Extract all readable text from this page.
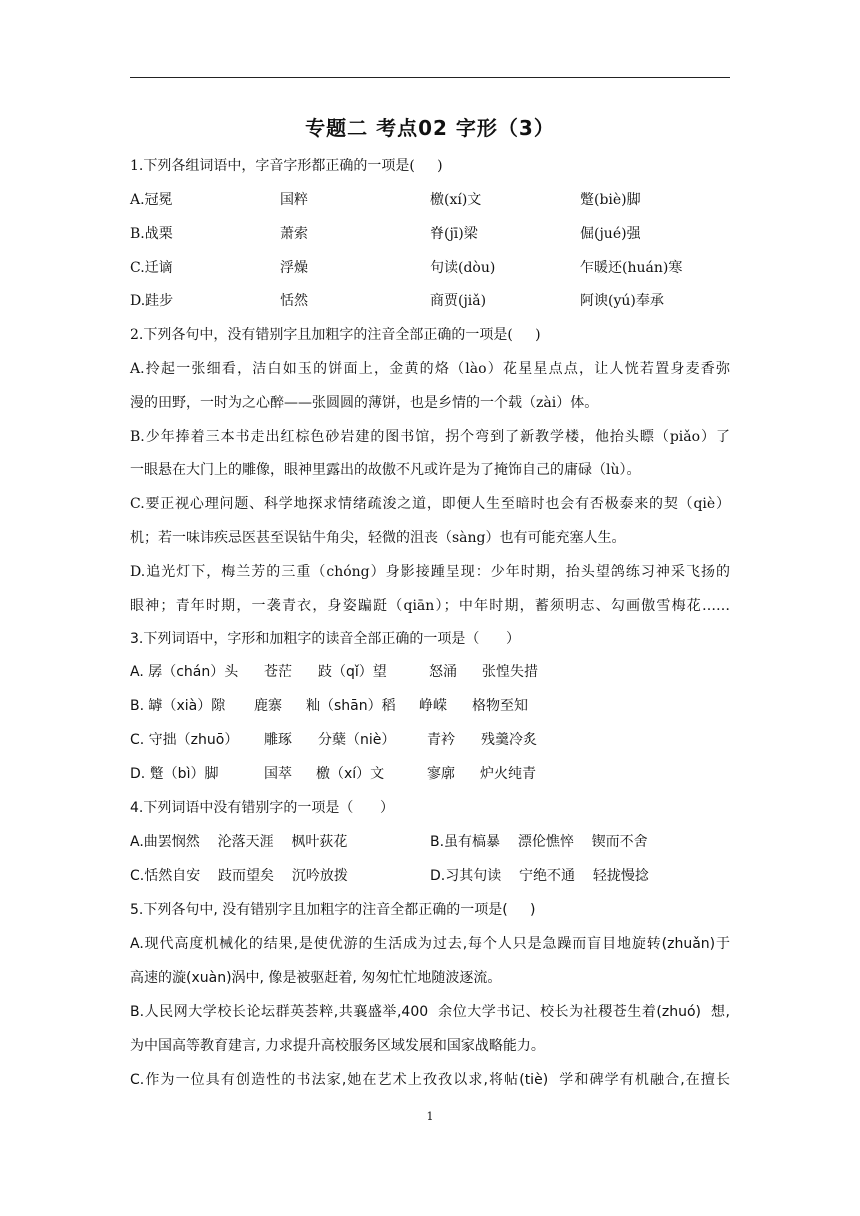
专题二 考点02 字形（3）
1.下列各组词语中，字音字形都正确的一项是(     )
A.冠冕	国粹	檄(xí)文	蹩(biè)脚
B.战栗	萧索	脊(jī)梁	倔(jué)强
C.迁谪	浮燥	句读(dòu)	乍暖还(huán)寒
D.跬步	恬然	商贾(jiǎ)	阿谀(yú)奉承
2.下列各句中，没有错别字且加粗字的注音全部正确的一项是(     )
A.拎起一张细看，洁白如玉的饼面上，金黄的烙（lào）花星星点点，让人恍若置身麦香弥
漫的田野，一时为之心醉——张圆圆的薄饼，也是乡情的一个载（zài）体。
B.少年捧着三本书走出红棕色砂岩建的图书馆，拐个弯到了新教学楼，他抬头瞟（piǎo）了
一眼悬在大门上的雕像，眼神里露出的故傲不凡或许是为了掩饰自己的庸碌（lù）。
C.要正视心理问题、科学地探求情绪疏浚之道，即便人生至暗时也会有否极泰来的契（qiè）
机；若一味讳疾忌医甚至误钻牛角尖，轻微的沮丧（sàng）也有可能充塞人生。
D.追光灯下，梅兰芳的三重（chóng）身影接踵呈现：少年时期，抬头望鸽练习神采飞扬的
眼神；青年时期，一袭青衣，身姿蹁跹（qiān）；中年时期，蓄须明志、勾画傲雪梅花……
3.下列词语中，字形和加粗字的读音全部正确的一项是（      ）
A. 孱（chán）头 苍茫 跂（qǐ）望	怒涌 张惶失措
B. 罅（xià）隙 鹿寨 籼（shān）稻 峥嵘 格物至知
C. 守拙（zhuō） 雕琢 分蘖（niè） 青衿 残羹冷炙
D. 蹩（bì）脚	国萃 檄（xí）文	寥廓 炉火纯青
4.下列词语中没有错别字的一项是（      ）
A.曲罢悯然    沦落天涯    枫叶荻花	B.虽有槁暴    漂伦憔悴    锲而不舍
C.恬然自安    跂而望矣    沉吟放拨	D.习其句读    宁绝不通    轻拢慢捻
5.下列各句中, 没有错别字且加粗字的注音全都正确的一项是(     )
A.现代高度机械化的结果,是使优游的生活成为过去,每个人只是急躁而盲目地旋转(zhuǎn)于
高速的漩(xuàn)涡中, 像是被驱赶着, 匆匆忙忙地随波逐流。
B.人民网大学校长论坛群英荟粹,共襄盛举,400  余位大学书记、校长为社稷苍生着(zhuó)  想,
为中国高等教育建言, 力求提升高校服务区域发展和国家战略能力。
C.作为一位具有创造性的书法家,她在艺术上孜孜以求,将帖(tiè)  学和碑学有机融合,在擅长
1
